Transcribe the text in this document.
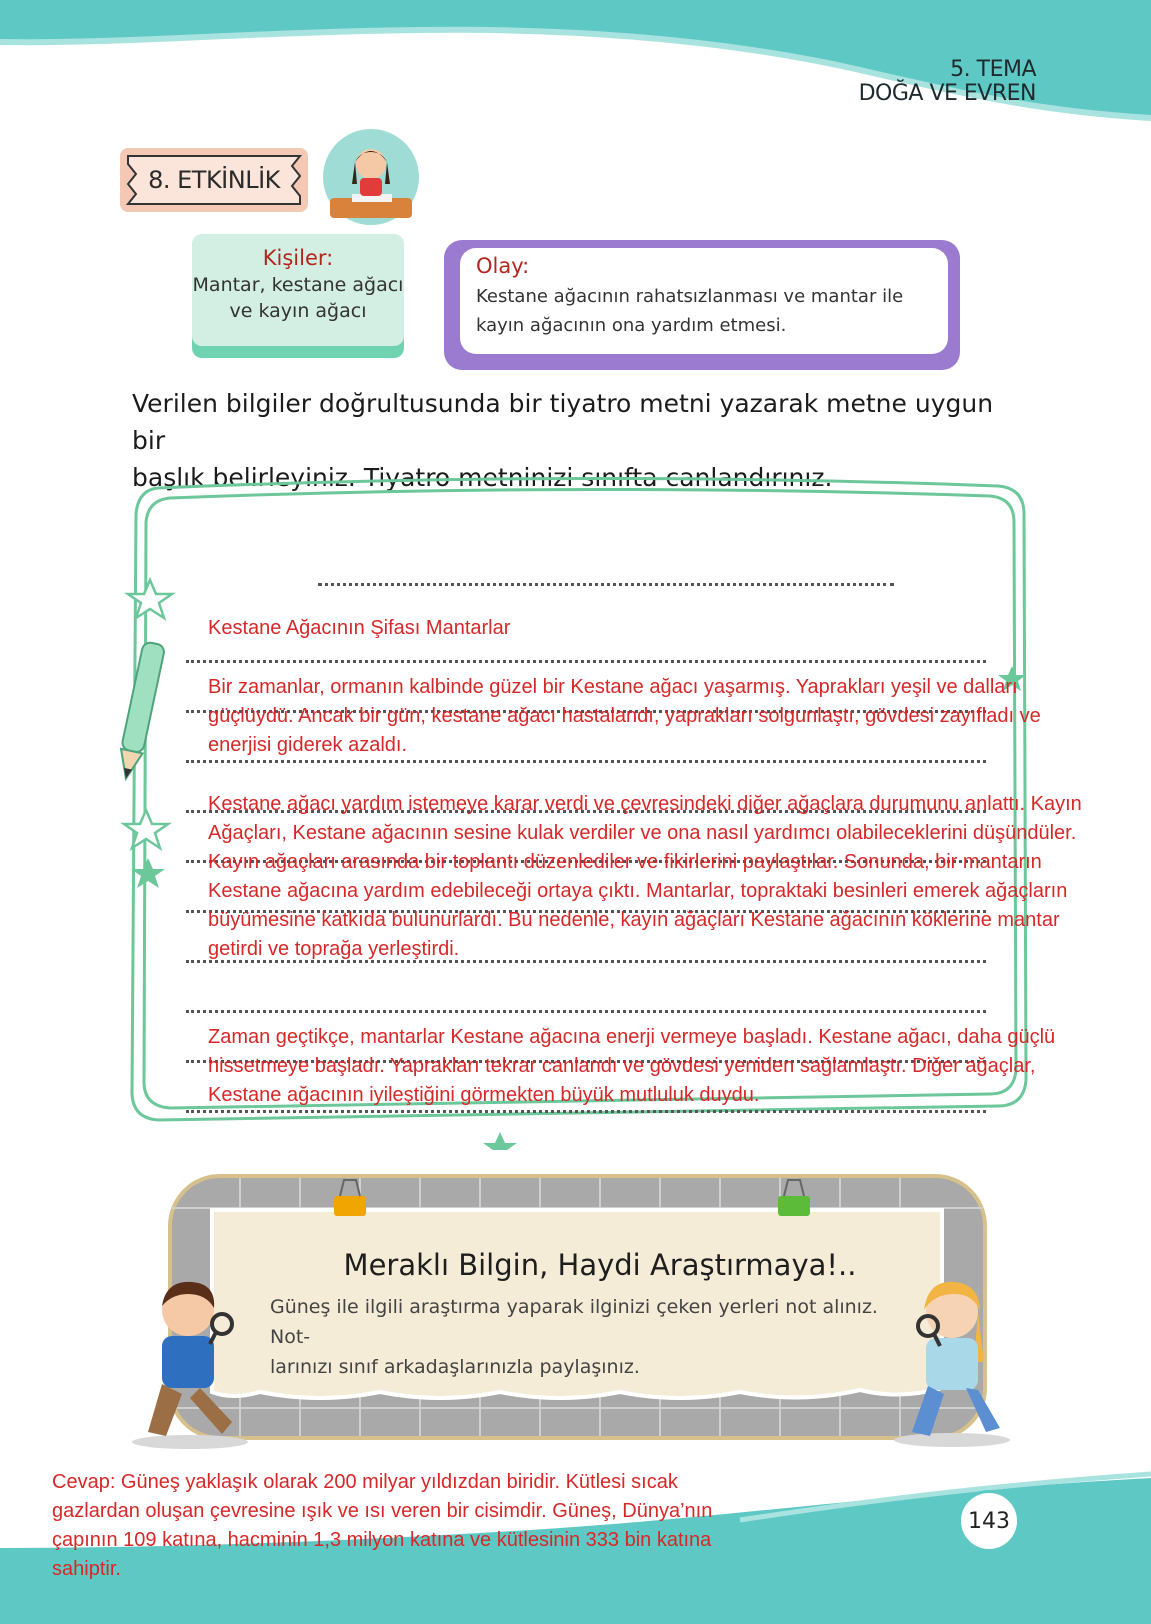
5. TEMA
DOĞA VE EVREN
8. ETKİNLİK
Kişiler:
Mantar, kestane ağacı
ve kayın ağacı
Olay:
Kestane ağacının rahatsızlanması ve mantar ile
kayın ağacının ona yardım etmesi.
Verilen bilgiler doğrultusunda bir tiyatro metni yazarak metne uygun bir
başlık belirleyiniz. Tiyatro metninizi sınıfta canlandırınız.
Kestane Ağacının Şifası Mantarlar
Bir zamanlar, ormanın kalbinde güzel bir Kestane ağacı yaşarmış. Yaprakları yeşil ve dalları güçlüydü. Ancak bir gün, kestane ağacı hastalandı, yaprakları solgunlaştı, gövdesi zayıfladı ve enerjisi giderek azaldı.
Kestane ağacı yardım istemeye karar verdi ve çevresindeki diğer ağaçlara durumunu anlattı. Kayın Ağaçları, Kestane ağacının sesine kulak verdiler ve ona nasıl yardımcı olabileceklerini düşündüler. Kayın ağaçları arasında bir toplantı düzenlediler ve fikirlerini paylaştılar. Sonunda, bir mantarın Kestane ağacına yardım edebileceği ortaya çıktı. Mantarlar, topraktaki besinleri emerek ağaçların büyümesine katkıda bulunurlardı. Bu nedenle, kayın ağaçları Kestane ağacının köklerine mantar getirdi ve toprağa yerleştirdi.
Zaman geçtikçe, mantarlar Kestane ağacına enerji vermeye başladı. Kestane ağacı, daha güçlü hissetmeye başladı. Yaprakları tekrar canlandı ve gövdesi yeniden sağlamlaştı. Diğer ağaçlar, Kestane ağacının iyileştiğini görmekten büyük mutluluk duydu.
Meraklı Bilgin, Haydi Araştırmaya!..
Güneş ile ilgili araştırma yaparak ilginizi çeken yerleri not alınız. Not-
larınızı sınıf arkadaşlarınızla paylaşınız.
Cevap: Güneş yaklaşık olarak 200 milyar yıldızdan biridir. Kütlesi sıcak gazlardan oluşan çevresine ışık ve ısı veren bir cisimdir. Güneş, Dünya’nın çapının 109 katına, hacminin 1,3 milyon katına ve kütlesinin 333 bin katına sahiptir.
143
